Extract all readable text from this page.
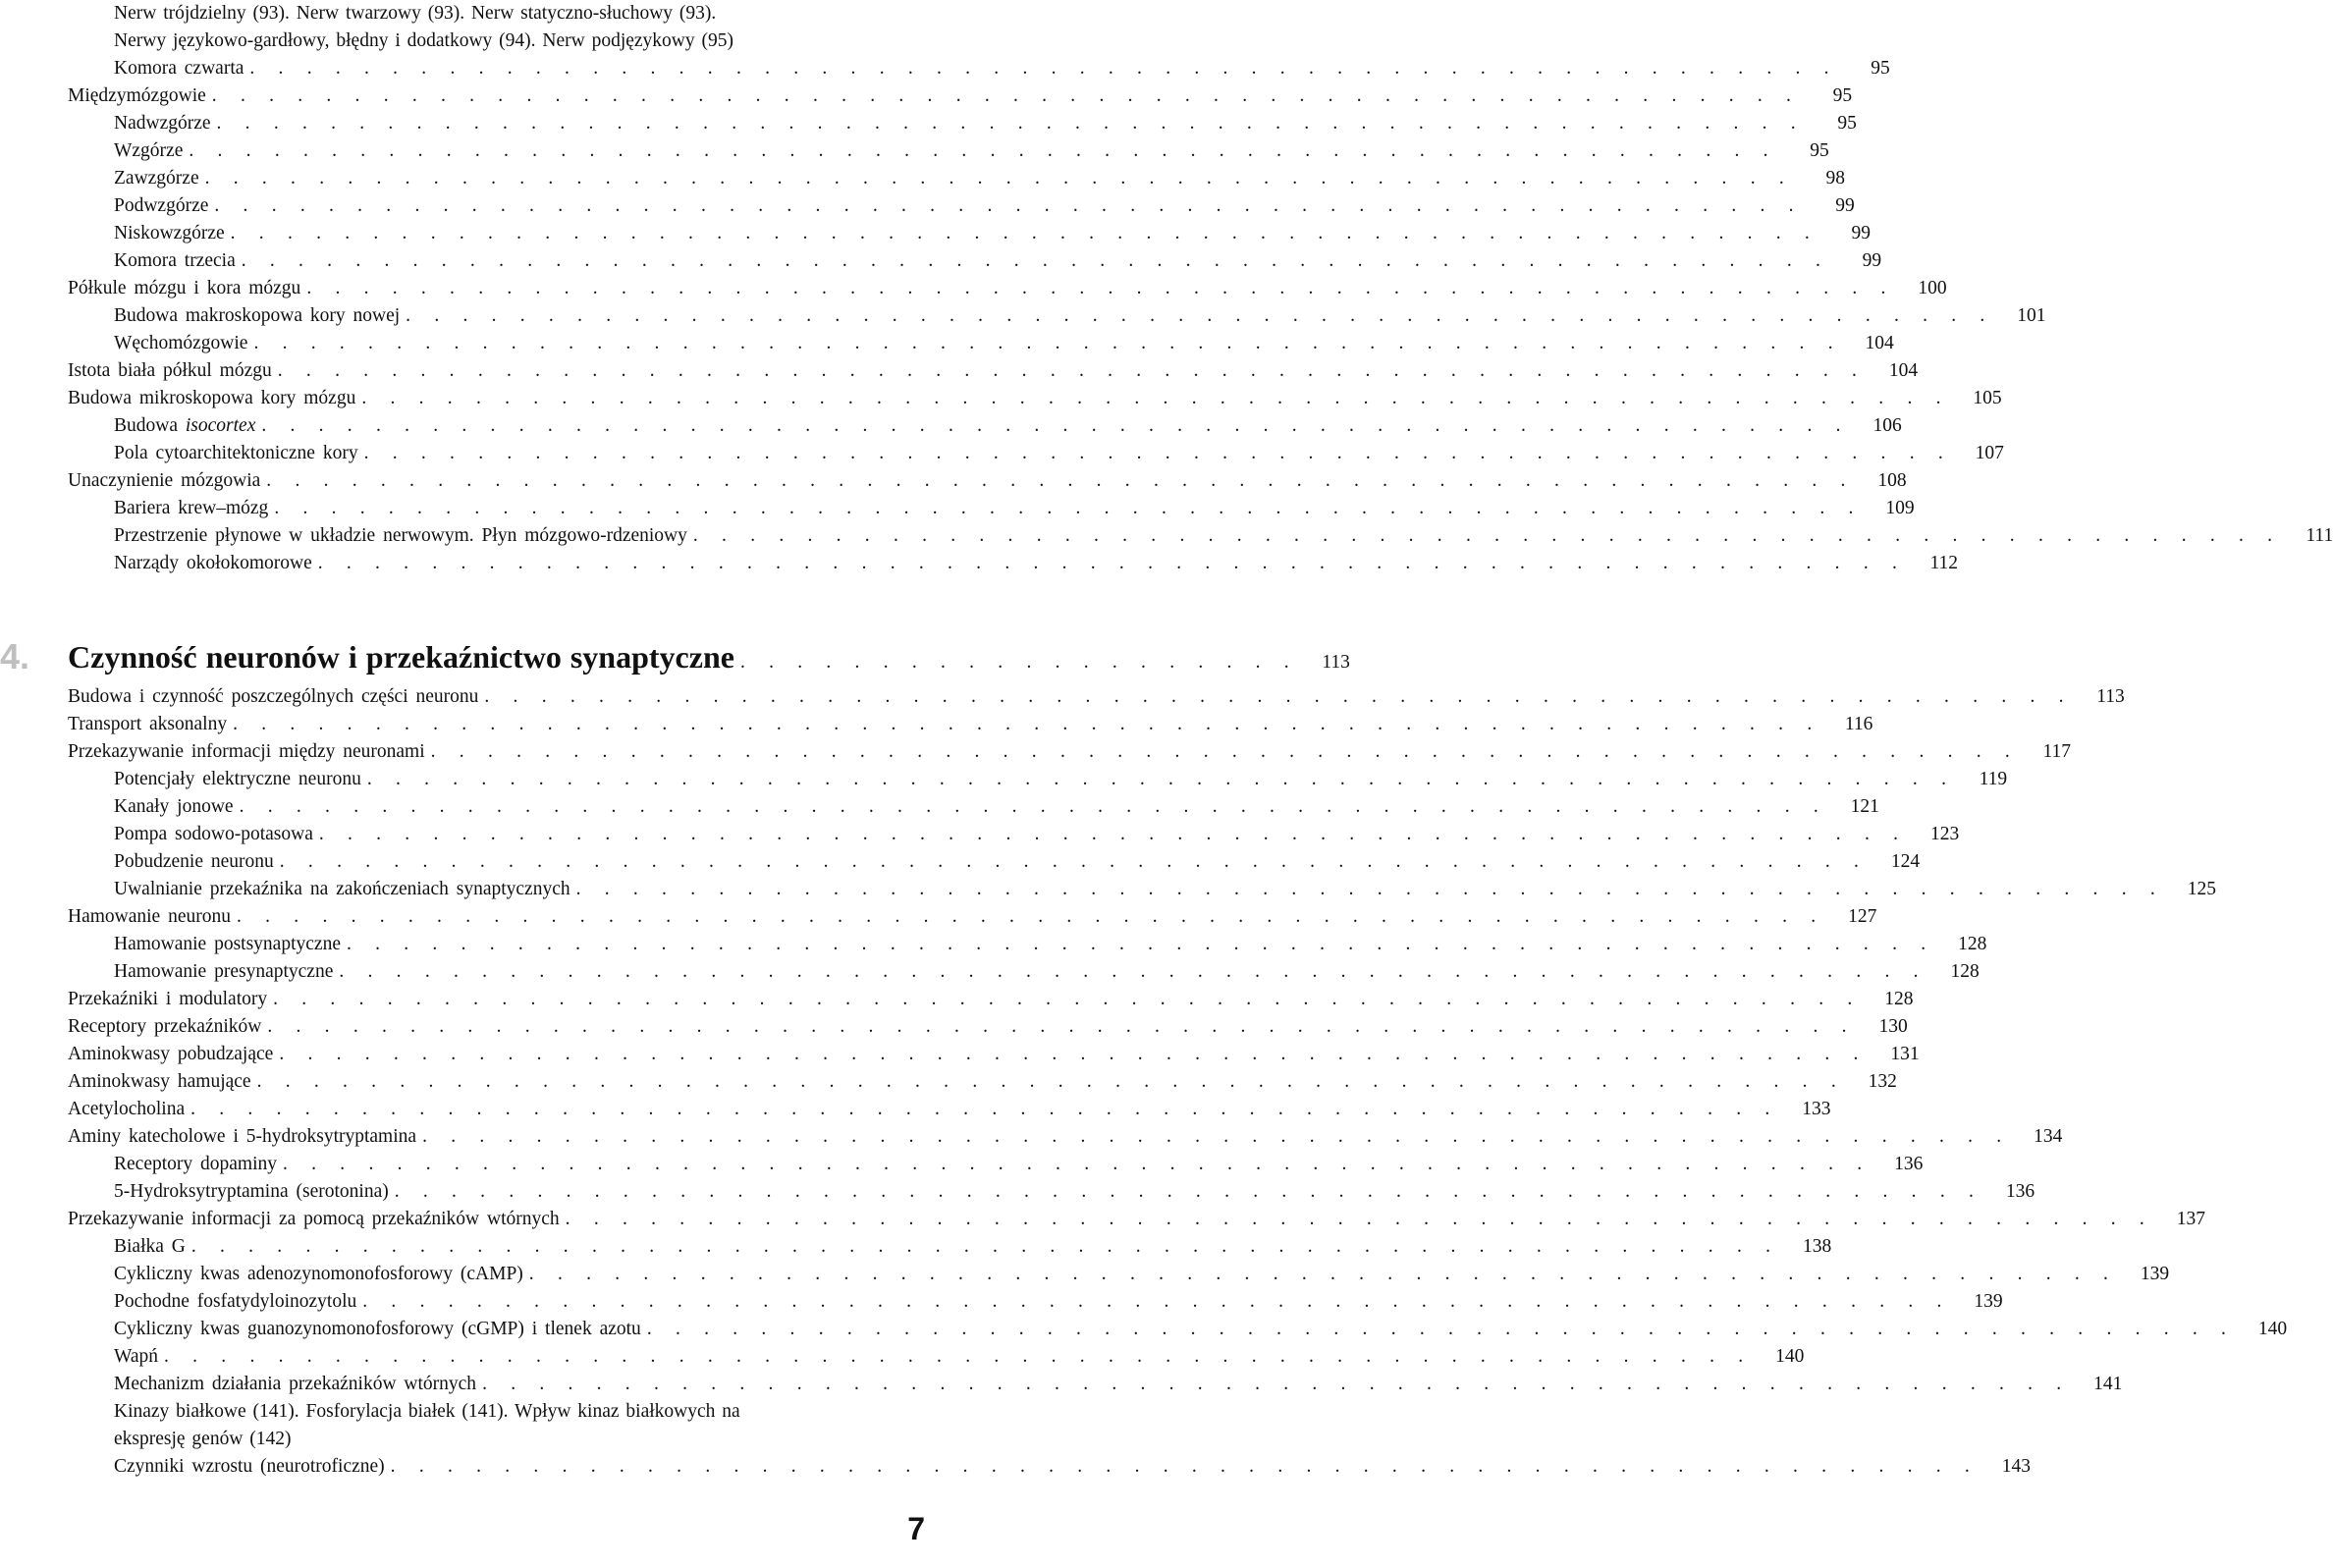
Nerw trójdzielny (93). Nerw twarzowy (93). Nerw statyczno-słuchowy (93).
Nerwy językowo-gardłowy, błędny i dodatkowy (94). Nerw podjęzykowy (95)
Komora czwarta . . . . . . . . . . . . . . . . . . . . . . . . . . . . . . . . . . . . . . . . . . . . . . . . . . . . . . . .	95
Międzymózgowie . . . . . . . . . . . . . . . . . . . . . . . . . . . . . . . . . . . . . . . . . . . . . . . . . . . . . . . .	95
Nadwzgórze . . . . . . . . . . . . . . . . . . . . . . . . . . . . . . . . . . . . . . . . . . . . . . . . . . . . . . . .	95
Wzgórze . . . . . . . . . . . . . . . . . . . . . . . . . . . . . . . . . . . . . . . . . . . . . . . . . . . . . . . .	95
Zawzgórze . . . . . . . . . . . . . . . . . . . . . . . . . . . . . . . . . . . . . . . . . . . . . . . . . . . . . . . .	98
Podwzgórze . . . . . . . . . . . . . . . . . . . . . . . . . . . . . . . . . . . . . . . . . . . . . . . . . . . . . . . .	99
Niskowzgórze . . . . . . . . . . . . . . . . . . . . . . . . . . . . . . . . . . . . . . . . . . . . . . . . . . . . . . . .	99
Komora trzecia . . . . . . . . . . . . . . . . . . . . . . . . . . . . . . . . . . . . . . . . . . . . . . . . . . . . . . . .	99
Półkule mózgu i kora mózgu . . . . . . . . . . . . . . . . . . . . . . . . . . . . . . . . . . . . . . . . . . . . . . . . . . . . . . . .	100
Budowa makroskopowa kory nowej . . . . . . . . . . . . . . . . . . . . . . . . . . . . . . . . . . . . . . . . . . . . . . . . . . . . . . . .	101
Węchomózgowie . . . . . . . . . . . . . . . . . . . . . . . . . . . . . . . . . . . . . . . . . . . . . . . . . . . . . . . .	104
Istota biała półkul mózgu . . . . . . . . . . . . . . . . . . . . . . . . . . . . . . . . . . . . . . . . . . . . . . . . . . . . . . . .	104
Budowa mikroskopowa kory mózgu . . . . . . . . . . . . . . . . . . . . . . . . . . . . . . . . . . . . . . . . . . . . . . . . . . . . . . . .	105
Budowa isocortex . . . . . . . . . . . . . . . . . . . . . . . . . . . . . . . . . . . . . . . . . . . . . . . . . . . . . . . .	106
Pola cytoarchitektoniczne kory . . . . . . . . . . . . . . . . . . . . . . . . . . . . . . . . . . . . . . . . . . . . . . . . . . . . . . . .	107
Unaczynienie mózgowia . . . . . . . . . . . . . . . . . . . . . . . . . . . . . . . . . . . . . . . . . . . . . . . . . . . . . . . .	108
Bariera krew–mózg . . . . . . . . . . . . . . . . . . . . . . . . . . . . . . . . . . . . . . . . . . . . . . . . . . . . . . . .	109
Przestrzenie płynowe w układzie nerwowym. Płyn mózgowo-rdzeniowy . . . . . . . . . . . . . . . . . . . . . . . . . . . . . . . . . . . . . . . . . . . . . . . . . . . . . . . .	111
Narządy okołokomorowe . . . . . . . . . . . . . . . . . . . . . . . . . . . . . . . . . . . . . . . . . . . . . . . . . . . . . . . .	112
4. Czynność neuronów i przekaźnictwo synaptyczne . . . . . . . . . . . . . . . . . . . .	113
Budowa i czynność poszczególnych części neuronu . . . . . . . . . . . . . . . . . . . . . . . . . . . . . . . . . . . . . . . . . . . . . . . . . . . . . . . .	113
Transport aksonalny . . . . . . . . . . . . . . . . . . . . . . . . . . . . . . . . . . . . . . . . . . . . . . . . . . . . . . . .	116
Przekazywanie informacji między neuronami . . . . . . . . . . . . . . . . . . . . . . . . . . . . . . . . . . . . . . . . . . . . . . . . . . . . . . . .	117
Potencjały elektryczne neuronu . . . . . . . . . . . . . . . . . . . . . . . . . . . . . . . . . . . . . . . . . . . . . . . . . . . . . . . .	119
Kanały jonowe . . . . . . . . . . . . . . . . . . . . . . . . . . . . . . . . . . . . . . . . . . . . . . . . . . . . . . . .	121
Pompa sodowo-potasowa . . . . . . . . . . . . . . . . . . . . . . . . . . . . . . . . . . . . . . . . . . . . . . . . . . . . . . . .	123
Pobudzenie neuronu . . . . . . . . . . . . . . . . . . . . . . . . . . . . . . . . . . . . . . . . . . . . . . . . . . . . . . . .	124
Uwalnianie przekaźnika na zakończeniach synaptycznych . . . . . . . . . . . . . . . . . . . . . . . . . . . . . . . . . . . . . . . . . . . . . . . . . . . . . . . .	125
Hamowanie neuronu . . . . . . . . . . . . . . . . . . . . . . . . . . . . . . . . . . . . . . . . . . . . . . . . . . . . . . . .	127
Hamowanie postsynaptyczne . . . . . . . . . . . . . . . . . . . . . . . . . . . . . . . . . . . . . . . . . . . . . . . . . . . . . . . .	128
Hamowanie presynaptyczne . . . . . . . . . . . . . . . . . . . . . . . . . . . . . . . . . . . . . . . . . . . . . . . . . . . . . . . .	128
Przekaźniki i modulatory . . . . . . . . . . . . . . . . . . . . . . . . . . . . . . . . . . . . . . . . . . . . . . . . . . . . . . . .	128
Receptory przekaźników . . . . . . . . . . . . . . . . . . . . . . . . . . . . . . . . . . . . . . . . . . . . . . . . . . . . . . . .	130
Aminokwasy pobudzające . . . . . . . . . . . . . . . . . . . . . . . . . . . . . . . . . . . . . . . . . . . . . . . . . . . . . . . .	131
Aminokwasy hamujące . . . . . . . . . . . . . . . . . . . . . . . . . . . . . . . . . . . . . . . . . . . . . . . . . . . . . . . .	132
Acetylocholina . . . . . . . . . . . . . . . . . . . . . . . . . . . . . . . . . . . . . . . . . . . . . . . . . . . . . . . .	133
Aminy katecholowe i 5-hydroksytryptamina . . . . . . . . . . . . . . . . . . . . . . . . . . . . . . . . . . . . . . . . . . . . . . . . . . . . . . . .	134
Receptory dopaminy . . . . . . . . . . . . . . . . . . . . . . . . . . . . . . . . . . . . . . . . . . . . . . . . . . . . . . . .	136
5-Hydroksytryptamina (serotonina) . . . . . . . . . . . . . . . . . . . . . . . . . . . . . . . . . . . . . . . . . . . . . . . . . . . . . . . .	136
Przekazywanie informacji za pomocą przekaźników wtórnych . . . . . . . . . . . . . . . . . . . . . . . . . . . . . . . . . . . . . . . . . . . . . . . . . . . . . . . .	137
Białka G . . . . . . . . . . . . . . . . . . . . . . . . . . . . . . . . . . . . . . . . . . . . . . . . . . . . . . . .	138
Cykliczny kwas adenozynomonofosforowy (cAMP) . . . . . . . . . . . . . . . . . . . . . . . . . . . . . . . . . . . . . . . . . . . . . . . . . . . . . . . .	139
Pochodne fosfatydyloinozytolu . . . . . . . . . . . . . . . . . . . . . . . . . . . . . . . . . . . . . . . . . . . . . . . . . . . . . . . .	139
Cykliczny kwas guanozynomonofosforowy (cGMP) i tlenek azotu . . . . . . . . . . . . . . . . . . . . . . . . . . . . . . . . . . . . . . . . . . . . . . . . . . . . . . . .	140
Wapń . . . . . . . . . . . . . . . . . . . . . . . . . . . . . . . . . . . . . . . . . . . . . . . . . . . . . . . .	140
Mechanizm działania przekaźników wtórnych . . . . . . . . . . . . . . . . . . . . . . . . . . . . . . . . . . . . . . . . . . . . . . . . . . . . . . . .	141
Kinazy białkowe (141). Fosforylacja białek (141). Wpływ kinaz białkowych na
ekspresję genów (142)
Czynniki wzrostu (neurotroficzne) . . . . . . . . . . . . . . . . . . . . . . . . . . . . . . . . . . . . . . . . . . . . . . . . . . . . . . . .	143
7
